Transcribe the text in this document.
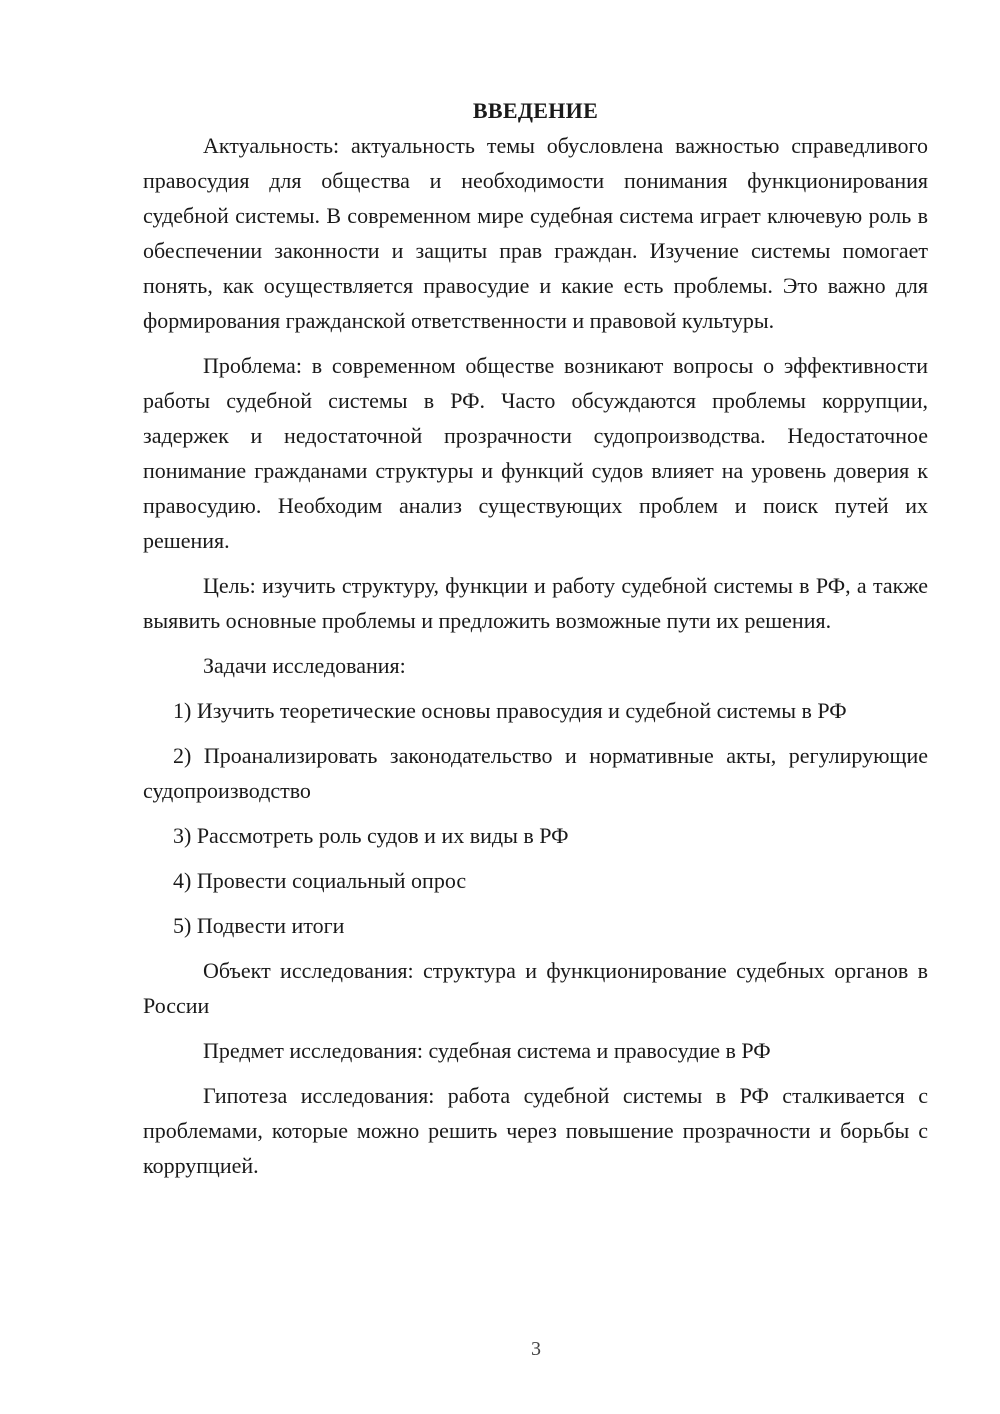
ВВЕДЕНИЕ

Актуальность: актуальность темы обусловлена важностью справедливого правосудия для общества и необходимости понимания функционирования судебной системы. В современном мире судебная система играет ключевую роль в обеспечении законности и защиты прав граждан. Изучение системы помогает понять, как осуществляется правосудие и какие есть проблемы. Это важно для формирования гражданской ответственности и правовой культуры.

Проблема: в современном обществе возникают вопросы о эффективности работы судебной системы в РФ. Часто обсуждаются проблемы коррупции, задержек и недостаточной прозрачности судопроизводства. Недостаточное понимание гражданами структуры и функций судов влияет на уровень доверия к правосудию. Необходим анализ существующих проблем и поиск путей их решения.

Цель: изучить структуру, функции и работу судебной системы в РФ, а также выявить основные проблемы и предложить возможные пути их решения.

Задачи исследования:

1) Изучить теоретические основы правосудия и судебной системы в РФ

2) Проанализировать законодательство и нормативные акты, регулирующие судопроизводство

3) Рассмотреть роль судов и их виды в РФ

4) Провести социальный опрос

5) Подвести итоги

Объект исследования: структура и функционирование судебных органов в России

Предмет исследования: судебная система и правосудие в РФ

Гипотеза исследования: работа судебной системы в РФ сталкивается с проблемами, которые можно решить через повышение прозрачности и борьбы с коррупцией.

3
